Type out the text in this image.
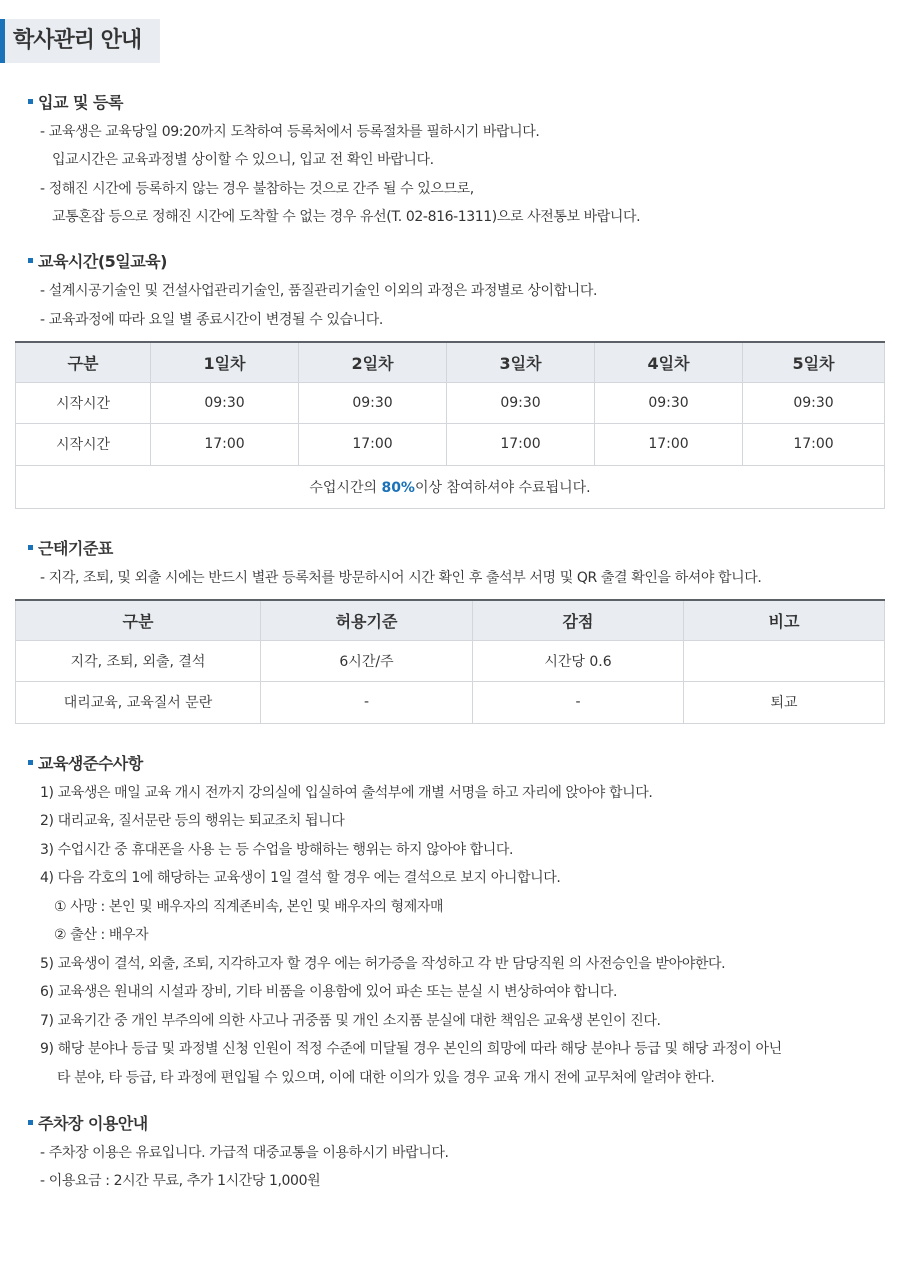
학사관리 안내
입교 및 등록
- 교육생은 교육당일 09:20까지 도착하여 등록처에서 등록절차를 필하시기 바랍니다.
입교시간은 교육과정별 상이할 수 있으니, 입교 전 확인 바랍니다.
- 정해진 시간에 등록하지 않는 경우 불참하는 것으로 간주 될 수 있으므로,
교통혼잡 등으로 정해진 시간에 도착할 수 없는 경우 유선(T. 02-816-1311)으로 사전통보 바랍니다.
교육시간(5일교육)
- 설계시공기술인 및 건설사업관리기술인, 품질관리기술인 이외의 과정은 과정별로 상이합니다.
- 교육과정에 따라 요일 별 종료시간이 변경될 수 있습니다.
구분	1일차	2일차	3일차	4일차	5일차
시작시간	09:30	09:30	09:30	09:30	09:30
시작시간	17:00	17:00	17:00	17:00	17:00
수업시간의 80%이상 참여하셔야 수료됩니다.					
근태기준표
- 지각, 조퇴, 및 외출 시에는 반드시 별관 등록처를 방문하시어 시간 확인 후 출석부 서명 및 QR 출결 확인을 하셔야 합니다.
구분	허용기준	감점	비고
지각, 조퇴, 외출, 결석	6시간/주	시간당 0.6	
대리교육, 교육질서 문란	-	-	퇴교
교육생준수사항
1) 교육생은 매일 교육 개시 전까지 강의실에 입실하여 출석부에 개별 서명을 하고 자리에 앉아야 합니다.
2) 대리교육, 질서문란 등의 행위는 퇴교조치 됩니다
3) 수업시간 중 휴대폰을 사용 는 등 수업을 방해하는 행위는 하지 않아야 합니다.
4) 다음 각호의 1에 해당하는 교육생이 1일 결석 할 경우 에는 결석으로 보지 아니합니다.
① 사망 : 본인 및 배우자의 직계존비속, 본인 및 배우자의 형제자매
② 출산 : 배우자
5) 교육생이 결석, 외출, 조퇴, 지각하고자 할 경우 에는 허가증을 작성하고 각 반 담당직원 의 사전승인을 받아야한다.
6) 교육생은 원내의 시설과 장비, 기타 비품을 이용함에 있어 파손 또는 분실 시 변상하여야 합니다.
7) 교육기간 중 개인 부주의에 의한 사고나 귀중품 및 개인 소지품 분실에 대한 책임은 교육생 본인이 진다.
9) 해당 분야나 등급 및 과정별 신청 인원이 적정 수준에 미달될 경우 본인의 희망에 따라 해당 분야나 등급 및 해당 과정이 아닌
타 분야, 타 등급, 타 과정에 편입될 수 있으며, 이에 대한 이의가 있을 경우 교육 개시 전에 교무처에 알려야 한다.
주차장 이용안내
- 주차장 이용은 유료입니다. 가급적 대중교통을 이용하시기 바랍니다.
- 이용요금 : 2시간 무료, 추가 1시간당 1,000원
